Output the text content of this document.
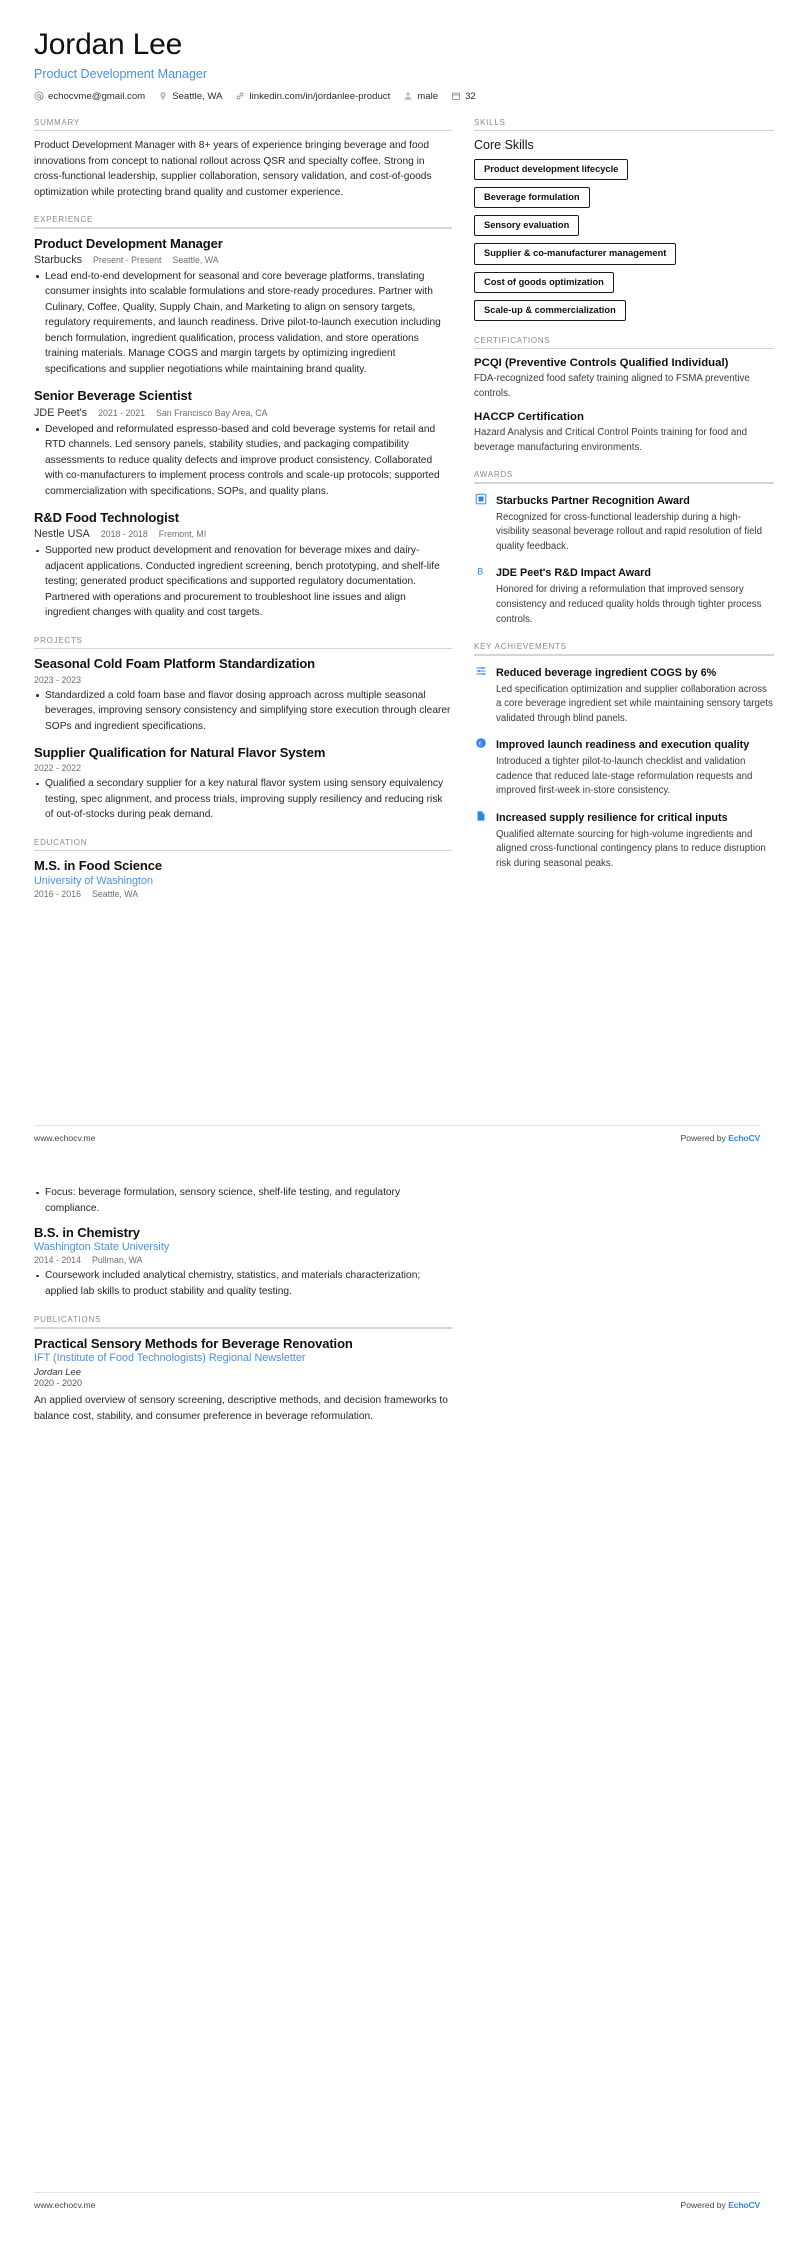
Jordan Lee
Product Development Manager
echocvme@gmail.com	Seattle, WA	linkedin.com/in/jordanlee-product	male	32
SUMMARY
Product Development Manager with 8+ years of experience bringing beverage and food innovations from concept to national rollout across QSR and specialty coffee. Strong in cross-functional leadership, supplier collaboration, sensory validation, and cost-of-goods optimization while protecting brand quality and customer experience.
EXPERIENCE
Product Development Manager
Starbucks Present - Present Seattle, WA
Lead end-to-end development for seasonal and core beverage platforms, translating consumer insights into scalable formulations and store-ready procedures. Partner with Culinary, Coffee, Quality, Supply Chain, and Marketing to align on sensory targets, regulatory requirements, and launch readiness. Drive pilot-to-launch execution including bench formulation, ingredient qualification, process validation, and store operations training materials. Manage COGS and margin targets by optimizing ingredient specifications and supplier negotiations while maintaining brand quality.
Senior Beverage Scientist
JDE Peet's 2021 - 2021 San Francisco Bay Area, CA
Developed and reformulated espresso-based and cold beverage systems for retail and RTD channels. Led sensory panels, stability studies, and packaging compatibility assessments to reduce quality defects and improve product consistency. Collaborated with co-manufacturers to implement process controls and scale-up protocols; supported commercialization with specifications, SOPs, and quality plans.
R&D Food Technologist
Nestle USA 2018 - 2018 Fremont, MI
Supported new product development and renovation for beverage mixes and dairy-adjacent applications. Conducted ingredient screening, bench prototyping, and shelf-life testing; generated product specifications and supported regulatory documentation. Partnered with operations and procurement to troubleshoot line issues and align ingredient changes with quality and cost targets.
PROJECTS
Seasonal Cold Foam Platform Standardization
2023 - 2023
Standardized a cold foam base and flavor dosing approach across multiple seasonal beverages, improving sensory consistency and simplifying store execution through clearer SOPs and ingredient specifications.
Supplier Qualification for Natural Flavor System
2022 - 2022
Qualified a secondary supplier for a key natural flavor system using sensory equivalency testing, spec alignment, and process trials, improving supply resiliency and reducing risk of out-of-stocks during peak demand.
EDUCATION
M.S. in Food Science
University of Washington
2016 - 2016 Seattle, WA
SKILLS
Core Skills
Product development lifecycle
Beverage formulation
Sensory evaluation
Supplier & co-manufacturer management
Cost of goods optimization
Scale-up & commercialization
CERTIFICATIONS
PCQI (Preventive Controls Qualified Individual)
FDA-recognized food safety training aligned to FSMA preventive controls.
HACCP Certification
Hazard Analysis and Critical Control Points training for food and beverage manufacturing environments.
AWARDS
Starbucks Partner Recognition Award
Recognized for cross-functional leadership during a high-visibility seasonal beverage rollout and rapid resolution of field quality feedback.
B JDE Peet's R&D Impact Award
Honored for driving a reformulation that improved sensory consistency and reduced quality holds through tighter process controls.
KEY ACHIEVEMENTS
Reduced beverage ingredient COGS by 6%
Led specification optimization and supplier collaboration across a core beverage ingredient set while maintaining sensory targets validated through blind panels.
€ Improved launch readiness and execution quality
Introduced a tighter pilot-to-launch checklist and validation cadence that reduced late-stage reformulation requests and improved first-week in-store consistency.
Increased supply resilience for critical inputs
Qualified alternate sourcing for high-volume ingredients and aligned cross-functional contingency plans to reduce disruption risk during seasonal peaks.
www.echocv.me	Powered by EchoCV
Focus: beverage formulation, sensory science, shelf-life testing, and regulatory compliance.
B.S. in Chemistry
Washington State University
2014 - 2014 Pullman, WA
Coursework included analytical chemistry, statistics, and materials characterization; applied lab skills to product stability and quality testing.
PUBLICATIONS
Practical Sensory Methods for Beverage Renovation
IFT (Institute of Food Technologists) Regional Newsletter
Jordan Lee
2020 - 2020
An applied overview of sensory screening, descriptive methods, and decision frameworks to balance cost, stability, and consumer preference in beverage reformulation.
www.echocv.me	Powered by EchoCV
